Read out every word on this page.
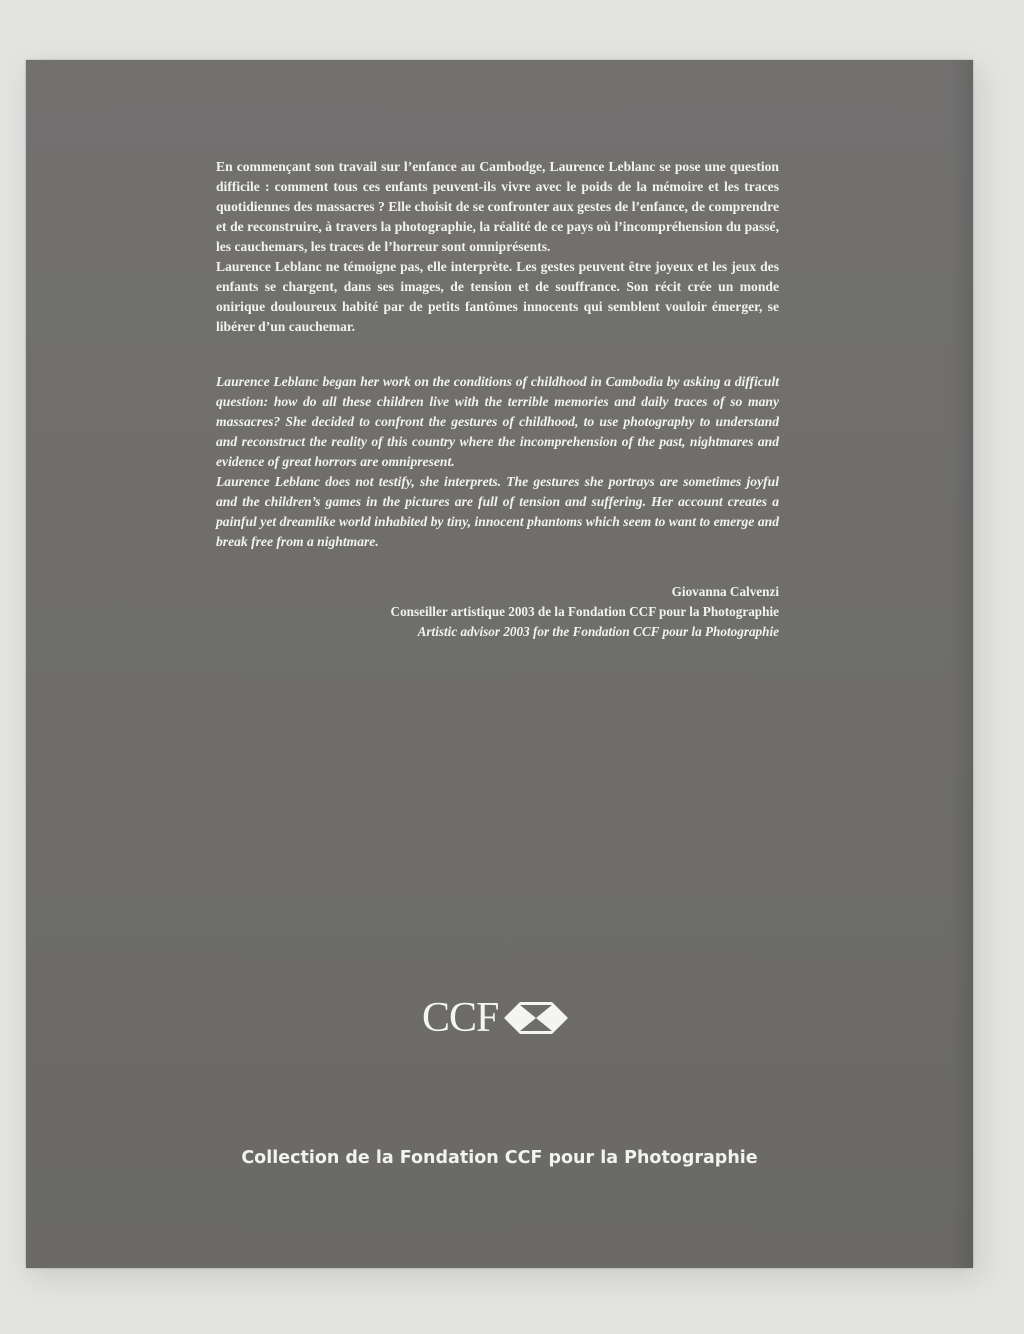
En commençant son travail sur l’enfance au Cambodge, Laurence Leblanc se pose une question difficile : comment tous ces enfants peuvent-ils vivre avec le poids de la mémoire et les traces quotidiennes des massacres ? Elle choisit de se confronter aux gestes de l’enfance, de comprendre et de reconstruire, à travers la photographie, la réalité de ce pays où l’incompréhension du passé, les cauchemars, les traces de l’horreur sont omniprésents.

Laurence Leblanc ne témoigne pas, elle interprète. Les gestes peuvent être joyeux et les jeux des enfants se chargent, dans ses images, de tension et de souffrance. Son récit crée un monde onirique douloureux habité par de petits fantômes innocents qui semblent vouloir émerger, se libérer d’un cauchemar.

Laurence Leblanc began her work on the conditions of childhood in Cambodia by asking a difficult question: how do all these children live with the terrible memories and daily traces of so many massacres? She decided to confront the gestures of childhood, to use photography to understand and reconstruct the reality of this country where the incomprehension of the past, nightmares and evidence of great horrors are omnipresent.

Laurence Leblanc does not testify, she interprets. The gestures she portrays are sometimes joyful and the children’s games in the pictures are full of tension and suffering. Her account creates a painful yet dreamlike world inhabited by tiny, innocent phantoms which seem to want to emerge and break free from a nightmare.

Giovanna Calvenzi
Conseiller artistique 2003 de la Fondation CCF pour la Photographie
Artistic advisor 2003 for the Fondation CCF pour la Photographie
CCF
Collection de la Fondation CCF pour la Photographie
